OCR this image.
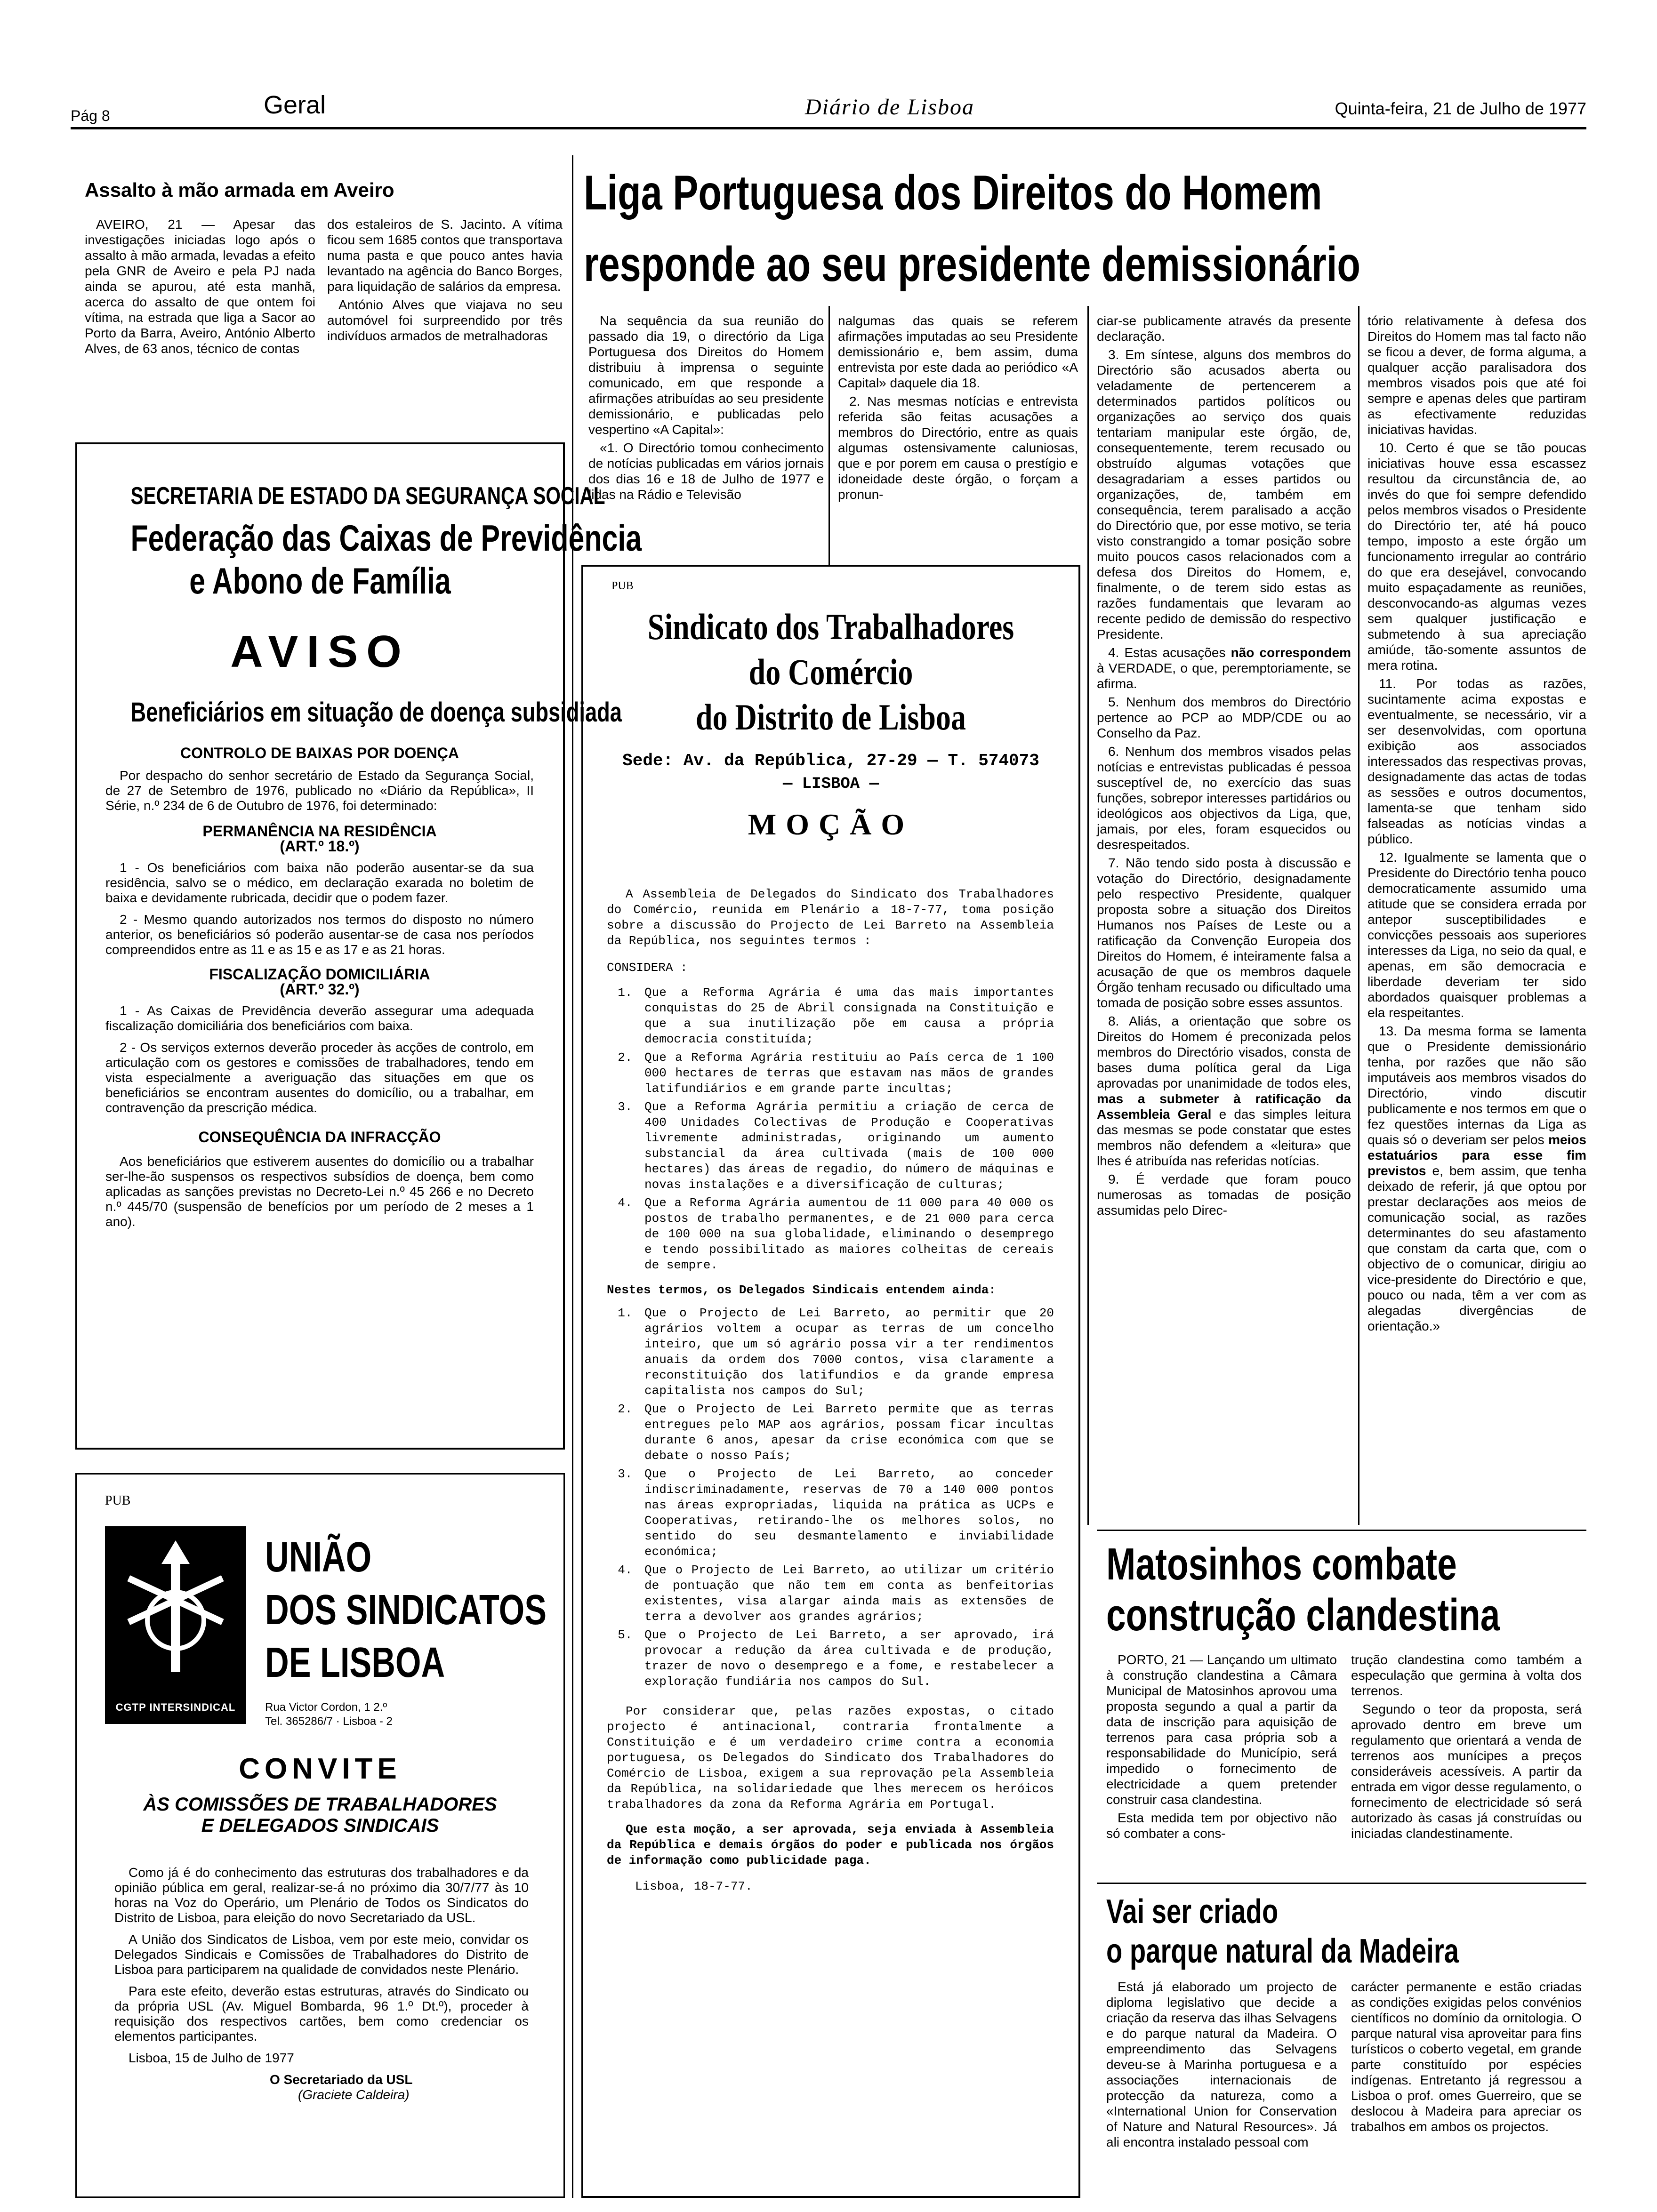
Pág 8	Geral	Diário de Lisboa	Quinta-feira, 21 de Julho de 1977
Assalto à mão armada em Aveiro

AVEIRO, 21 — Apesar das investigações iniciadas logo após o assalto à mão armada, levadas a efeito pela GNR de Aveiro e pela PJ nada ainda se apurou, até esta manhã, acerca do assalto de que ontem foi vítima, na estrada que liga a Sacor ao Porto da Barra, Aveiro, António Alberto Alves, de 63 anos, técnico de contas

dos estaleiros de S. Jacinto. A vítima ficou sem 1685 contos que transportava numa pasta e que pouco antes havia levantado na agência do Banco Borges, para liquidação de salários da empresa.

António Alves que viajava no seu automóvel foi surpreendido por três indivíduos armados de metralhadoras

SECRETARIA DE ESTADO DA SEGURANÇA SOCIAL
Federação das Caixas de Previdência
e Abono de Família
AVISO
Beneficiários em situação de doença subsidiada
CONTROLO DE BAIXAS POR DOENÇA

Por despacho do senhor secretário de Estado da Segurança Social, de 27 de Setembro de 1976, publicado no «Diário da República», II Série, n.º 234 de 6 de Outubro de 1976, foi determinado:

PERMANÊNCIA NA RESIDÊNCIA
(ART.º 18.º)

1 - Os beneficiários com baixa não poderão ausentar-se da sua residência, salvo se o médico, em declaração exarada no boletim de baixa e devidamente rubricada, decidir que o podem fazer.

2 - Mesmo quando autorizados nos termos do disposto no número anterior, os beneficiários só poderão ausentar-se de casa nos períodos compreendidos entre as 11 e as 15 e as 17 e as 21 horas.

FISCALIZAÇÃO DOMICILIÁRIA
(ART.º 32.º)

1 - As Caixas de Previdência deverão assegurar uma adequada fiscalização domiciliária dos beneficiários com baixa.

2 - Os serviços externos deverão proceder às acções de controlo, em articulação com os gestores e comissões de trabalhadores, tendo em vista especialmente a averiguação das situações em que os beneficiários se encontram ausentes do domicílio, ou a trabalhar, em contravenção da prescrição médica.

CONSEQUÊNCIA DA INFRACÇÃO

Aos beneficiários que estiverem ausentes do domicílio ou a trabalhar ser-lhe-ão suspensos os respectivos subsídios de doença, bem como aplicadas as sanções previstas no Decreto-Lei n.º 45 266 e no Decreto n.º 445/70 (suspensão de benefícios por um período de 2 meses a 1 ano).

PUB
CGTP INTERSINDICAL
UNIÃO
DOS SINDICATOS
DE LISBOA
Rua Victor Cordon, 1 2.º
Tel. 365286/7 · Lisboa - 2
CONVITE
ÀS COMISSÕES DE TRABALHADORES
E DELEGADOS SINDICAIS

Como já é do conhecimento das estruturas dos trabalhadores e da opinião pública em geral, realizar-se-á no próximo dia 30/7/77 às 10 horas na Voz do Operário, um Plenário de Todos os Sindicatos do Distrito de Lisboa, para eleição do novo Secretariado da USL.

A União dos Sindicatos de Lisboa, vem por este meio, convidar os Delegados Sindicais e Comissões de Trabalhadores do Distrito de Lisboa para participarem na qualidade de convidados neste Plenário.

Para este efeito, deverão estas estruturas, através do Sindicato ou da própria USL (Av. Miguel Bombarda, 96 1.º Dt.º), proceder à requisição dos respectivos cartões, bem como credenciar os elementos participantes.

Lisboa, 15 de Julho de 1977

O Secretariado da USL
(Graciete Caldeira)
Liga Portuguesa dos Direitos do Homem
responde ao seu presidente demissionário

Na sequência da sua reunião do passado dia 19, o directório da Liga Portuguesa dos Direitos do Homem distribuiu à imprensa o seguinte comunicado, em que responde a afirmações atribuídas ao seu presidente demissionário, e publicadas pelo vespertino «A Capital»:

«1. O Directório tomou conhecimento de notícias publicadas em vários jornais dos dias 16 e 18 de Julho de 1977 e lidas na Rádio e Televisão

nalgumas das quais se referem afirmações imputadas ao seu Presidente demissionário e, bem assim, duma entrevista por este dada ao periódico «A Capital» daquele dia 18.

2. Nas mesmas notícias e entrevista referida são feitas acusações a membros do Directório, entre as quais algumas ostensivamente caluniosas, que e por porem em causa o prestígio e idoneidade deste órgão, o forçam a pronun-

ciar-se publicamente através da presente declaração.

3. Em síntese, alguns dos membros do Directório são acusados aberta ou veladamente de pertencerem a determinados partidos políticos ou organizações ao serviço dos quais tentariam manipular este órgão, de, consequentemente, terem recusado ou obstruído algumas votações que desagradariam a esses partidos ou organizações, de, também em consequência, terem paralisado a acção do Directório que, por esse motivo, se teria visto constrangido a tomar posição sobre muito poucos casos relacionados com a defesa dos Direitos do Homem, e, finalmente, o de terem sido estas as razões fundamentais que levaram ao recente pedido de demissão do respectivo Presidente.

4. Estas acusações não correspondem à VERDADE, o que, peremptoriamente, se afirma.

5. Nenhum dos membros do Directório pertence ao PCP ao MDP/CDE ou ao Conselho da Paz.

6. Nenhum dos membros visados pelas notícias e entrevistas publicadas é pessoa susceptível de, no exercício das suas funções, sobrepor interesses partidários ou ideológicos aos objectivos da Liga, que, jamais, por eles, foram esquecidos ou desrespeitados.

7. Não tendo sido posta à discussão e votação do Directório, designadamente pelo respectivo Presidente, qualquer proposta sobre a situação dos Direitos Humanos nos Países de Leste ou a ratificação da Convenção Europeia dos Direitos do Homem, é inteiramente falsa a acusação de que os membros daquele Órgão tenham recusado ou dificultado uma tomada de posição sobre esses assuntos.

8. Aliás, a orientação que sobre os Direitos do Homem é preconizada pelos membros do Directório visados, consta de bases duma política geral da Liga aprovadas por unanimidade de todos eles, mas a submeter à ratificação da Assembleia Geral e das simples leitura das mesmas se pode constatar que estes membros não defendem a «leitura» que lhes é atribuída nas referidas notícias.

9. É verdade que foram pouco numerosas as tomadas de posição assumidas pelo Direc-

tório relativamente à defesa dos Direitos do Homem mas tal facto não se ficou a dever, de forma alguma, a qualquer acção paralisadora dos membros visados pois que até foi sempre e apenas deles que partiram as efectivamente reduzidas iniciativas havidas.

10. Certo é que se tão poucas iniciativas houve essa escassez resultou da circunstância de, ao invés do que foi sempre defendido pelos membros visados o Presidente do Directório ter, até há pouco tempo, imposto a este órgão um funcionamento irregular ao contrário do que era desejável, convocando muito espaçadamente as reuniões, desconvocando-as algumas vezes sem qualquer justificação e submetendo à sua apreciação amiúde, tão-somente assuntos de mera rotina.

11. Por todas as razões, sucintamente acima expostas e eventualmente, se necessário, vir a ser desenvolvidas, com oportuna exibição aos associados interessados das respectivas provas, designadamente das actas de todas as sessões e outros documentos, lamenta-se que tenham sido falseadas as notícias vindas a público.

12. Igualmente se lamenta que o Presidente do Directório tenha pouco democraticamente assumido uma atitude que se considera errada por antepor susceptibilidades e convicções pessoais aos superiores interesses da Liga, no seio da qual, e apenas, em são democracia e liberdade deveriam ter sido abordados quaisquer problemas a ela respeitantes.

13. Da mesma forma se lamenta que o Presidente demissionário tenha, por razões que não são imputáveis aos membros visados do Directório, vindo discutir publicamente e nos termos em que o fez questões internas da Liga as quais só o deveriam ser pelos meios estatuários para esse fim previstos e, bem assim, que tenha deixado de referir, já que optou por prestar declarações aos meios de comunicação social, as razões determinantes do seu afastamento que constam da carta que, com o objectivo de o comunicar, dirigiu ao vice-presidente do Directório e que, pouco ou nada, têm a ver com as alegadas divergências de orientação.»

PUB
Sindicato dos Trabalhadores
do Comércio
do Distrito de Lisboa
Sede: Av. da República, 27-29 — T. 574073
— LISBOA —
MOÇÃO

A Assembleia de Delegados do Sindicato dos Trabalhadores do Comércio, reunida em Plenário a 18-7-77, toma posição sobre a discussão do Projecto de Lei Barreto na Assembleia da República, nos seguintes termos :

CONSIDERA :
1. Que a Reforma Agrária é uma das mais importantes conquistas do 25 de Abril consignada na Constituição e que a sua inutilização põe em causa a própria democracia constituída;
2. Que a Reforma Agrária restituiu ao País cerca de 1 100 000 hectares de terras que estavam nas mãos de grandes latifundiários e em grande parte incultas;
3. Que a Reforma Agrária permitiu a criação de cerca de 400 Unidades Colectivas de Produção e Cooperativas livremente administradas, originando um aumento substancial da área cultivada (mais de 100 000 hectares) das áreas de regadio, do número de máquinas e novas instalações e a diversificação de culturas;
4. Que a Reforma Agrária aumentou de 11 000 para 40 000 os postos de trabalho permanentes, e de 21 000 para cerca de 100 000 na sua globalidade, eliminando o desemprego e tendo possibilitado as maiores colheitas de cereais de sempre.
Nestes termos, os Delegados Sindicais entendem ainda:
1. Que o Projecto de Lei Barreto, ao permitir que 20 agrários voltem a ocupar as terras de um concelho inteiro, que um só agrário possa vir a ter rendimentos anuais da ordem dos 7000 contos, visa claramente a reconstituição dos latifundios e da grande empresa capitalista nos campos do Sul;
2. Que o Projecto de Lei Barreto permite que as terras entregues pelo MAP aos agrários, possam ficar incultas durante 6 anos, apesar da crise económica com que se debate o nosso País;
3. Que o Projecto de Lei Barreto, ao conceder indiscriminadamente, reservas de 70 a 140 000 pontos nas áreas expropriadas, liquida na prática as UCPs e Cooperativas, retirando-lhe os melhores solos, no sentido do seu desmantelamento e inviabilidade económica;
4. Que o Projecto de Lei Barreto, ao utilizar um critério de pontuação que não tem em conta as benfeitorias existentes, visa alargar ainda mais as extensões de terra a devolver aos grandes agrários;
5. Que o Projecto de Lei Barreto, a ser aprovado, irá provocar a redução da área cultivada e de produção, trazer de novo o desemprego e a fome, e restabelecer a exploração fundiária nos campos do Sul.

Por considerar que, pelas razões expostas, o citado projecto é antinacional, contraria frontalmente a Constituição e é um verdadeiro crime contra a economia portuguesa, os Delegados do Sindicato dos Trabalhadores do Comércio de Lisboa, exigem a sua reprovação pela Assembleia da República, na solidariedade que lhes merecem os heróicos trabalhadores da zona da Reforma Agrária em Portugal.

Que esta moção, a ser aprovada, seja enviada à Assembleia da República e demais órgãos do poder e publicada nos órgãos de informação como publicidade paga.

Lisboa, 18-7-77.
Matosinhos combate
construção clandestina

PORTO, 21 — Lançando um ultimato à construção clandestina a Câmara Municipal de Matosinhos aprovou uma proposta segundo a qual a partir da data de inscrição para aquisição de terrenos para casa própria sob a responsabilidade do Município, será impedido o fornecimento de electricidade a quem pretender construir casa clandestina.

Esta medida tem por objectivo não só combater a cons-

trução clandestina como também a especulação que germina à volta dos terrenos.

Segundo o teor da proposta, será aprovado dentro em breve um regulamento que orientará a venda de terrenos aos munícipes a preços consideráveis acessíveis. A partir da entrada em vigor desse regulamento, o fornecimento de electricidade só será autorizado às casas já construídas ou iniciadas clandestinamente.

Vai ser criado
o parque natural da Madeira

Está já elaborado um projecto de diploma legislativo que decide a criação da reserva das ilhas Selvagens e do parque natural da Madeira. O empreendimento das Selvagens deveu-se à Marinha portuguesa e a associações internacionais de protecção da natureza, como a «International Union for Conservation of Nature and Natural Resources». Já ali encontra instalado pessoal com

carácter permanente e estão criadas as condições exigidas pelos convénios científicos no domínio da ornitologia. O parque natural visa aproveitar para fins turísticos o coberto vegetal, em grande parte constituído por espécies indígenas. Entretanto já regressou a Lisboa o prof. omes Guerreiro, que se deslocou à Madeira para apreciar os trabalhos em ambos os projectos.
